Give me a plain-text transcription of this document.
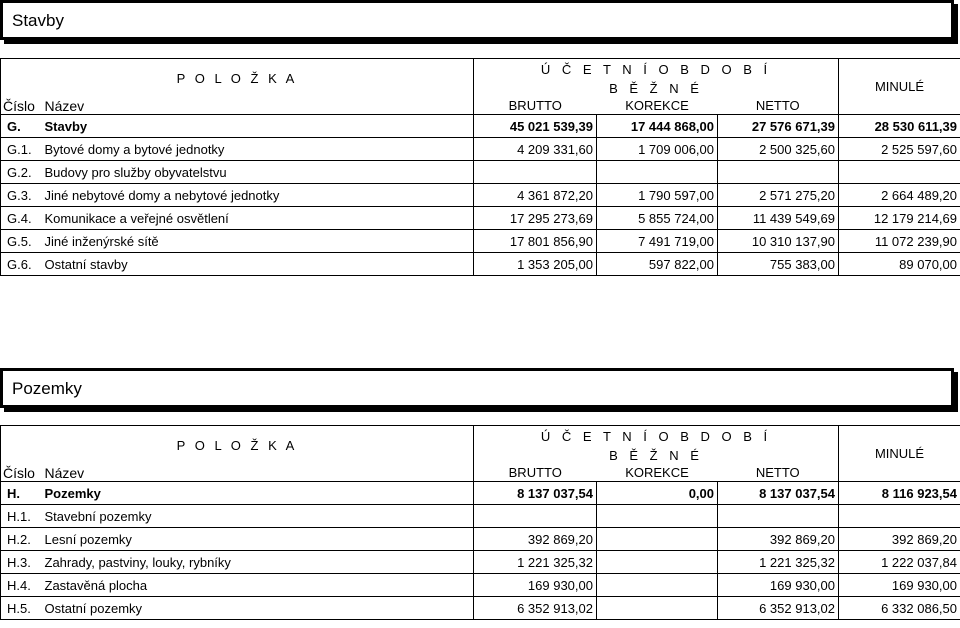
Stavby
P O L O Ž K A		Ú Č E T N Í O B D O B Í			MINULÉ
		B Ě Ž N É			
Číslo	Název	BRUTTO	KOREKCE	NETTO	
G.	Stavby	45 021 539,39	17 444 868,00	27 576 671,39	28 530 611,39
G.1.	Bytové domy a bytové jednotky	4 209 331,60	1 709 006,00	2 500 325,60	2 525 597,60
G.2.	Budovy pro služby obyvatelstvu				
G.3.	Jiné nebytové domy a nebytové jednotky	4 361 872,20	1 790 597,00	2 571 275,20	2 664 489,20
G.4.	Komunikace a veřejné osvětlení	17 295 273,69	5 855 724,00	11 439 549,69	12 179 214,69
G.5.	Jiné inženýrské sítě	17 801 856,90	7 491 719,00	10 310 137,90	11 072 239,90
G.6.	Ostatní stavby	1 353 205,00	597 822,00	755 383,00	89 070,00
Pozemky
P O L O Ž K A		Ú Č E T N Í O B D O B Í			MINULÉ
		B Ě Ž N É			
Číslo	Název	BRUTTO	KOREKCE	NETTO	
H.	Pozemky	8 137 037,54	0,00	8 137 037,54	8 116 923,54
H.1.	Stavební pozemky				
H.2.	Lesní pozemky	392 869,20		392 869,20	392 869,20
H.3.	Zahrady, pastviny, louky, rybníky	1 221 325,32		1 221 325,32	1 222 037,84
H.4.	Zastavěná plocha	169 930,00		169 930,00	169 930,00
H.5.	Ostatní pozemky	6 352 913,02		6 352 913,02	6 332 086,50
